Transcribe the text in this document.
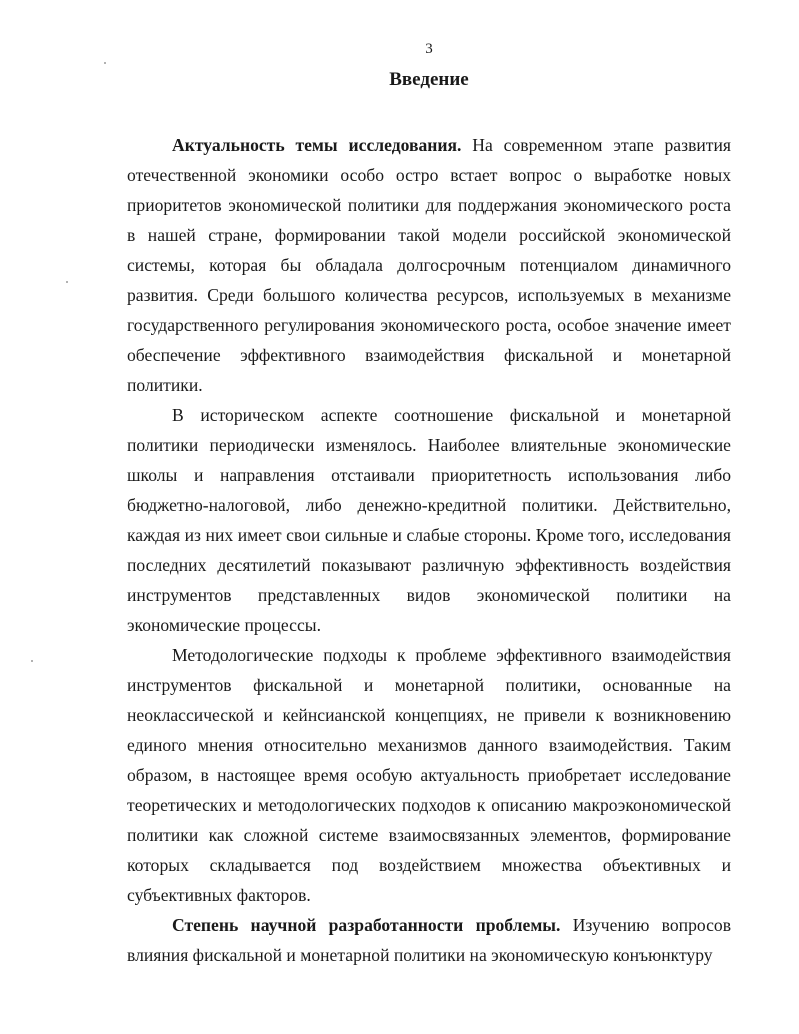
3
Введение

Актуальность темы исследования. На современном этапе развития отечественной экономики особо остро встает вопрос о выработке новых приоритетов экономической политики для поддержания экономического роста в нашей стране, формировании такой модели российской экономической системы, которая бы обладала долгосрочным потенциалом динамичного развития. Среди большого количества ресурсов, используемых в механизме государственного регулирования экономического роста, особое значение имеет обеспечение эффективного взаимодействия фискальной и монетарной политики.

В историческом аспекте соотношение фискальной и монетарной политики периодически изменялось. Наиболее влиятельные экономические школы и направления отстаивали приоритетность использования либо бюджетно-налоговой, либо денежно-кредитной политики. Действительно, каждая из них имеет свои сильные и слабые стороны. Кроме того, исследования последних десятилетий показывают различную эффективность воздействия инструментов представленных видов экономической политики на экономические процессы.

Методологические подходы к проблеме эффективного взаимодействия инструментов фискальной и монетарной политики, основанные на неоклассической и кейнсианской концепциях, не привели к возникновению единого мнения относительно механизмов данного взаимодействия. Таким образом, в настоящее время особую актуальность приобретает исследование теоретических и методологических подходов к описанию макроэкономической политики как сложной системе взаимосвязанных элементов, формирование которых складывается под воздействием множества объективных и субъективных факторов.

Степень научной разработанности проблемы. Изучению вопросов влияния фискальной и монетарной политики на экономическую конъюнктуру
